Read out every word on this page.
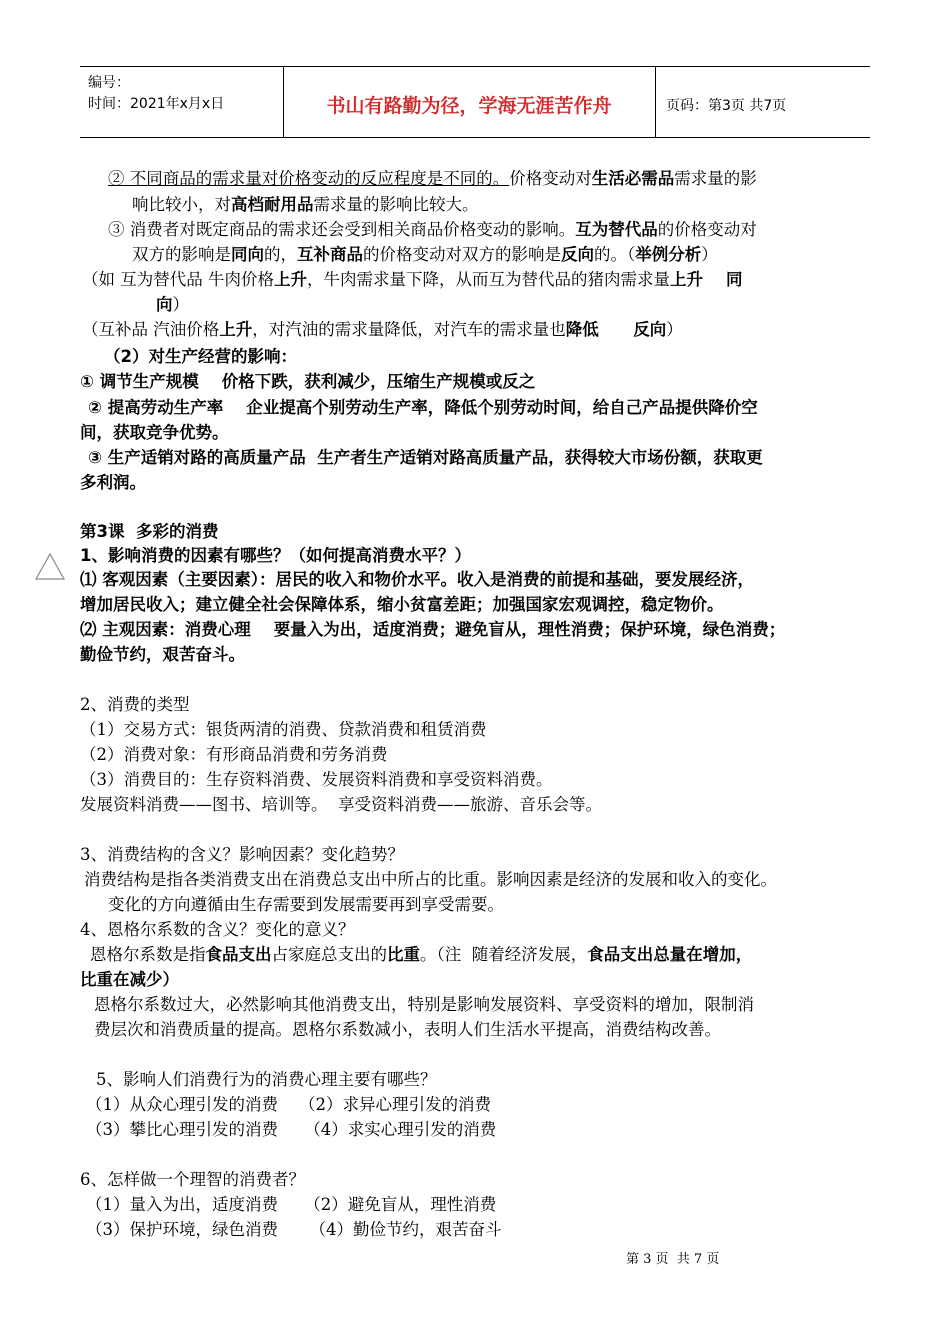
编号：
时间：2021年x月x日	书山有路勤为径，学海无涯苦作舟	页码：第3页 共7页
② 不同商品的需求量对价格变动的反应程度是不同的。价格变动对生活必需品需求量的影
响比较小，对高档耐用品需求量的影响比较大。
③ 消费者对既定商品的需求还会受到相关商品价格变动的影响。互为替代品的价格变动对
双方的影响是同向的，互补商品的价格变动对双方的影响是反向的。（举例分析）
（如 互为替代品 牛肉价格上升，牛肉需求量下降，从而互为替代品的猪肉需求量上升    同
向）
（互补品 汽油价格上升，对汽油的需求量降低，对汽车的需求量也降低      反向）
（2）对生产经营的影响：
① 调节生产规模    价格下跌，获利减少，压缩生产规模或反之
② 提高劳动生产率    企业提高个别劳动生产率，降低个别劳动时间，给自己产品提供降价空
间，获取竞争优势。
③ 生产适销对路的高质量产品  生产者生产适销对路高质量产品，获得较大市场份额，获取更
多利润。
第3课  多彩的消费
1、影响消费的因素有哪些？（如何提高消费水平？）
⑴ 客观因素（主要因素）：居民的收入和物价水平。收入是消费的前提和基础，要发展经济，
增加居民收入；建立健全社会保障体系，缩小贫富差距；加强国家宏观调控，稳定物价。
⑵ 主观因素：消费心理    要量入为出，适度消费；避免盲从，理性消费；保护环境，绿色消费；
勤俭节约，艰苦奋斗。
2、消费的类型
（1）交易方式：银货两清的消费、贷款消费和租赁消费
（2）消费对象：有形商品消费和劳务消费
（3）消费目的：生存资料消费、发展资料消费和享受资料消费。
发展资料消费——图书、培训等。  享受资料消费——旅游、音乐会等。
3、消费结构的含义？影响因素？变化趋势？
消费结构是指各类消费支出在消费总支出中所占的比重。影响因素是经济的发展和收入的变化。
变化的方向遵循由生存需要到发展需要再到享受需要。
4、恩格尔系数的含义？变化的意义？
恩格尔系数是指食品支出占家庭总支出的比重。（注  随着经济发展，食品支出总量在增加，
比重在减少）
恩格尔系数过大，必然影响其他消费支出，特别是影响发展资料、享受资料的增加，限制消
费层次和消费质量的提高。恩格尔系数减小，表明人们生活水平提高，消费结构改善。
5、影响人们消费行为的消费心理主要有哪些？
（1）从众心理引发的消费    （2）求异心理引发的消费
（3）攀比心理引发的消费     （4）求实心理引发的消费
6、怎样做一个理智的消费者？
（1）量入为出，适度消费     （2）避免盲从，理性消费
（3）保护环境，绿色消费      （4）勤俭节约，艰苦奋斗
第 3 页  共 7 页
